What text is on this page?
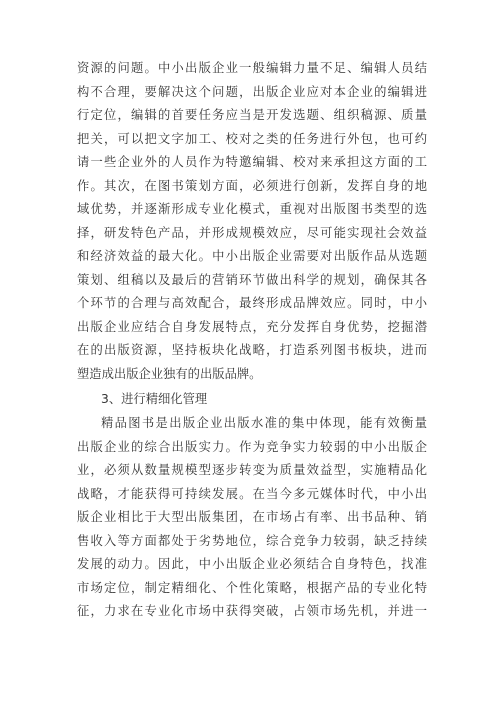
资源的问题。中小出版企业一般编辑力量不足、编辑人员结
构不合理，要解决这个问题，出版企业应对本企业的编辑进
行定位，编辑的首要任务应当是开发选题、组织稿源、质量
把关，可以把文字加工、校对之类的任务进行外包，也可约
请一些企业外的人员作为特邀编辑、校对来承担这方面的工
作。其次，在图书策划方面，必须进行创新，发挥自身的地
域优势，并逐渐形成专业化模式，重视对出版图书类型的选
择，研发特色产品，并形成规模效应，尽可能实现社会效益
和经济效益的最大化。中小出版企业需要对出版作品从选题
策划、组稿以及最后的营销环节做出科学的规划，确保其各
个环节的合理与高效配合，最终形成品牌效应。同时，中小
出版企业应结合自身发展特点，充分发挥自身优势，挖掘潜
在的出版资源，坚持板块化战略，打造系列图书板块，进而
塑造成出版企业独有的出版品牌。
3、进行精细化管理
精品图书是出版企业出版水准的集中体现，能有效衡量
出版企业的综合出版实力。作为竞争实力较弱的中小出版企
业，必须从数量规模型逐步转变为质量效益型，实施精品化
战略，才能获得可持续发展。在当今多元媒体时代，中小出
版企业相比于大型出版集团，在市场占有率、出书品种、销
售收入等方面都处于劣势地位，综合竞争力较弱，缺乏持续
发展的动力。因此，中小出版企业必须结合自身特色，找准
市场定位，制定精细化、个性化策略，根据产品的专业化特
征，力求在专业化市场中获得突破，占领市场先机，并进一
